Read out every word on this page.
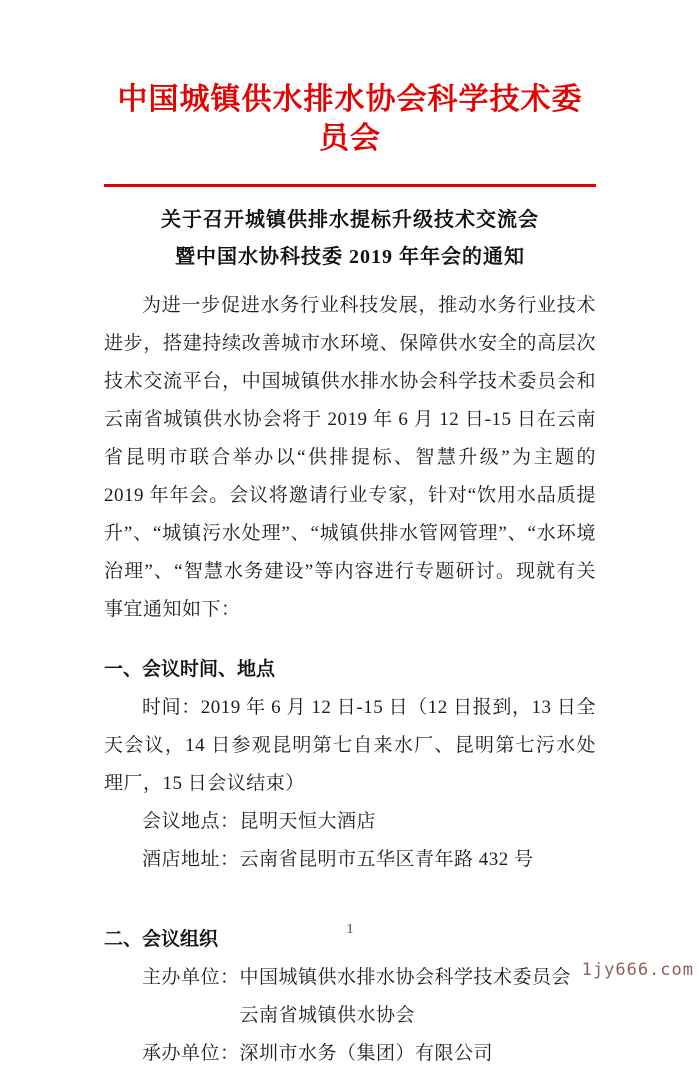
中国城镇供水排水协会科学技术委员会
关于召开城镇供排水提标升级技术交流会
暨中国水协科技委 2019 年年会的通知

为进一步促进水务行业科技发展，推动水务行业技术进步，搭建持续改善城市水环境、保障供水安全的高层次技术交流平台，中国城镇供水排水协会科学技术委员会和云南省城镇供水协会将于 2019 年 6 月 12 日-15 日在云南省昆明市联合举办以“供排提标、智慧升级”为主题的 2019 年年会。会议将邀请行业专家，针对“饮用水品质提升”、“城镇污水处理”、“城镇供排水管网管理”、“水环境治理”、“智慧水务建设”等内容进行专题研讨。现就有关事宜通知如下：

一、会议时间、地点

时间：2019 年 6 月 12 日-15 日（12 日报到，13 日全天会议，14 日参观昆明第七自来水厂、昆明第七污水处理厂，15 日会议结束）

会议地点：昆明天恒大酒店

酒店地址：云南省昆明市五华区青年路 432 号

二、会议组织
主办单位： 中国城镇供水排水协会科学技术委员会
云南省城镇供水协会
承办单位： 深圳市水务（集团）有限公司
1
1jy666.com
